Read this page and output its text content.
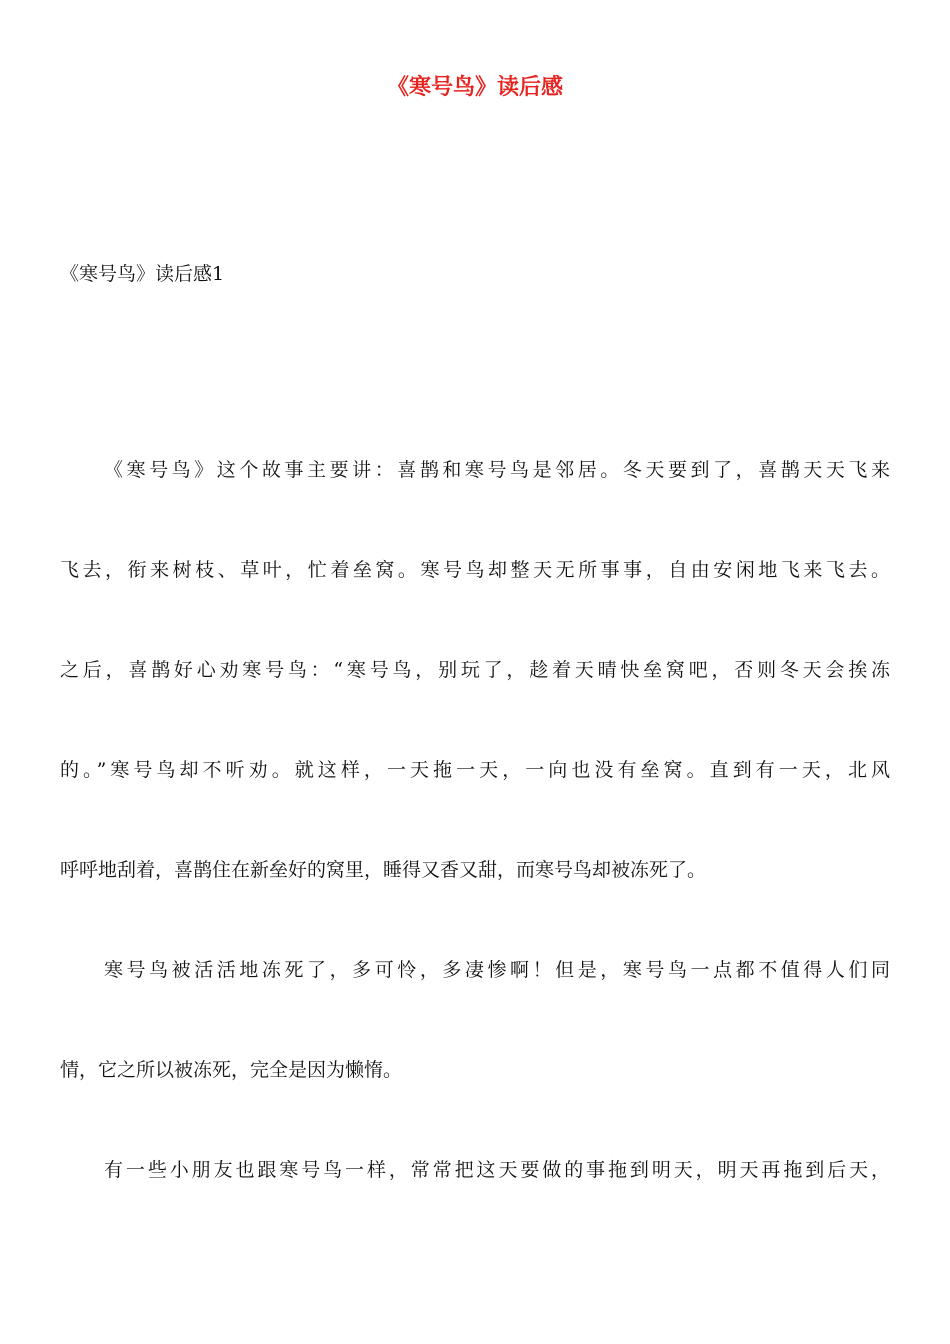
《寒号鸟》读后感
《寒号鸟》读后感1
《寒号鸟》这个故事主要讲：喜鹊和寒号鸟是邻居。冬天要到了，喜鹊天天飞来
飞去，衔来树枝、草叶，忙着垒窝。寒号鸟却整天无所事事，自由安闲地飞来飞去。
之后，喜鹊好心劝寒号鸟：“寒号鸟，别玩了，趁着天晴快垒窝吧，否则冬天会挨冻
的。”寒号鸟却不听劝。就这样，一天拖一天，一向也没有垒窝。直到有一天，北风
呼呼地刮着，喜鹊住在新垒好的窝里，睡得又香又甜，而寒号鸟却被冻死了。
寒号鸟被活活地冻死了，多可怜，多凄惨啊！但是，寒号鸟一点都不值得人们同
情，它之所以被冻死，完全是因为懒惰。
有一些小朋友也跟寒号鸟一样，常常把这天要做的事拖到明天，明天再拖到后天，
